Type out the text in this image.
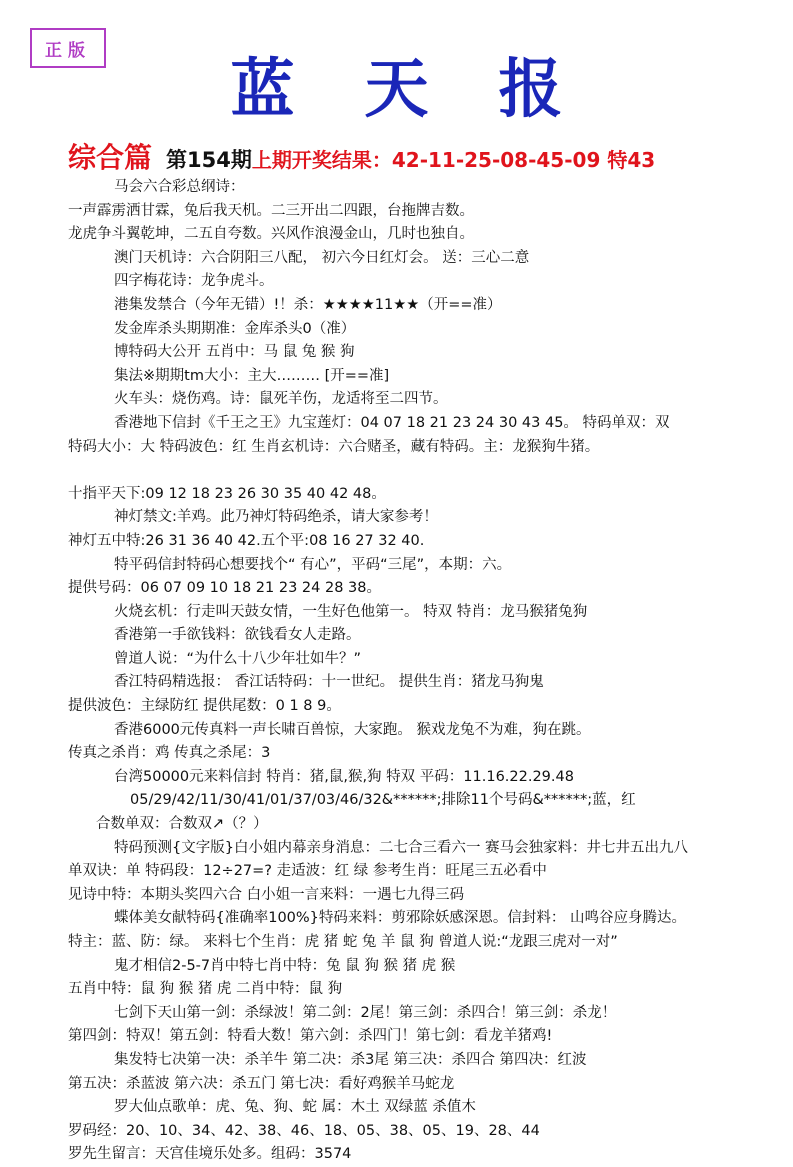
正版
蓝天报
综合篇 第154期 上期开奖结果：42-11-25-08-45-09 特43
马会六合彩总纲诗：
一声霹雳洒甘霖，兔后我天机。二三开出二四跟，台拖牌吉数。
龙虎争斗翼乾坤，二五自夸数。兴风作浪漫金山，几时也独自。
澳门天机诗：六合阴阳三八配， 初六今日红灯会。 送：三心二意
四字梅花诗：龙争虎斗。
港集发禁合（今年无错）!！杀：★★★★11★★（开==准）
发金库杀头期期准：金库杀头0（准）
博特码大公开 五肖中：马 鼠 兔 猴 狗
集法※期期tm大小：主大……… [开==准]
火车头：烧伤鸡。诗：鼠死羊伤，龙适将至二四节。
香港地下信封《千王之王》九宝莲灯：04 07 18 21 23 24 30 43 45。 特码单双：双
特码大小：大 特码波色：红 生肖玄机诗：六合赌圣，藏有特码。主：龙猴狗牛猪。
十指平天下:09 12 18 23 26 30 35 40 42 48。
神灯禁文:羊鸡。此乃神灯特码绝杀，请大家参考！
神灯五中特:26 31 36 40 42.五个平:08 16 27 32 40.
特平码信封特码心想要找个“ 有心”，平码“三尾”，本期：六。
提供号码：06 07 09 10 18 21 23 24 28 38。
火烧玄机：行走叫天鼓女情，一生好色他第一。 特双 特肖：龙马猴猪兔狗
香港第一手欲钱料：欲钱看女人走路。
曾道人说：“为什么十八少年壮如牛？”
香江特码精选报： 香江话特码：十一世纪。 提供生肖：猪龙马狗鬼
提供波色：主绿防红 提供尾数：0 1 8 9。
香港6000元传真料一声长啸百兽惊，大家跑。 猴戏龙兔不为难，狗在跳。
传真之杀肖：鸡 传真之杀尾：3
台湾50000元来料信封 特肖：猪,鼠,猴,狗 特双 平码：11.16.22.29.48
05/29/42/11/30/41/01/37/03/46/32&******;排除11个号码&******;蓝，红
合数单双：合数双↗（？）
特码预测{文字版}白小姐内幕亲身消息：二七合三看六一 赛马会独家料：井七井五出九八
单双诀：单 特码段：12÷27=? 走适波：红 绿 参考生肖：旺尾三五必看中
见诗中特：本期头奖四六合 白小姐一言来料：一遇七九得三码
蝶体美女献特码{准确率100%}特码来料：剪邪除妖感深恩。信封料： 山鸣谷应身腾达。
特主：蓝、防：绿。 来料七个生肖：虎 猪 蛇 兔 羊 鼠 狗 曾道人说:“龙跟三虎对一对”
鬼才相信2-5-7肖中特七肖中特：兔 鼠 狗 猴 猪 虎 猴
五肖中特：鼠 狗 猴 猪 虎 二肖中特：鼠 狗
七剑下天山第一剑：杀绿波！第二剑：2尾！第三剑：杀四合！第三剑：杀龙！
第四剑：特双！第五剑：特看大数！第六剑：杀四门！第七剑：看龙羊猪鸡!
集发特七决第一决：杀羊牛 第二决：杀3尾 第三决：杀四合 第四决：红波
第五决：杀蓝波 第六决：杀五门 第七决：看好鸡猴羊马蛇龙
罗大仙点歌单：虎、兔、狗、蛇 属：木土 双绿蓝 杀值木
罗码经：20、10、34、42、38、46、18、05、38、05、19、28、44
罗先生留言：天宫佳境乐处多。组码：3574
